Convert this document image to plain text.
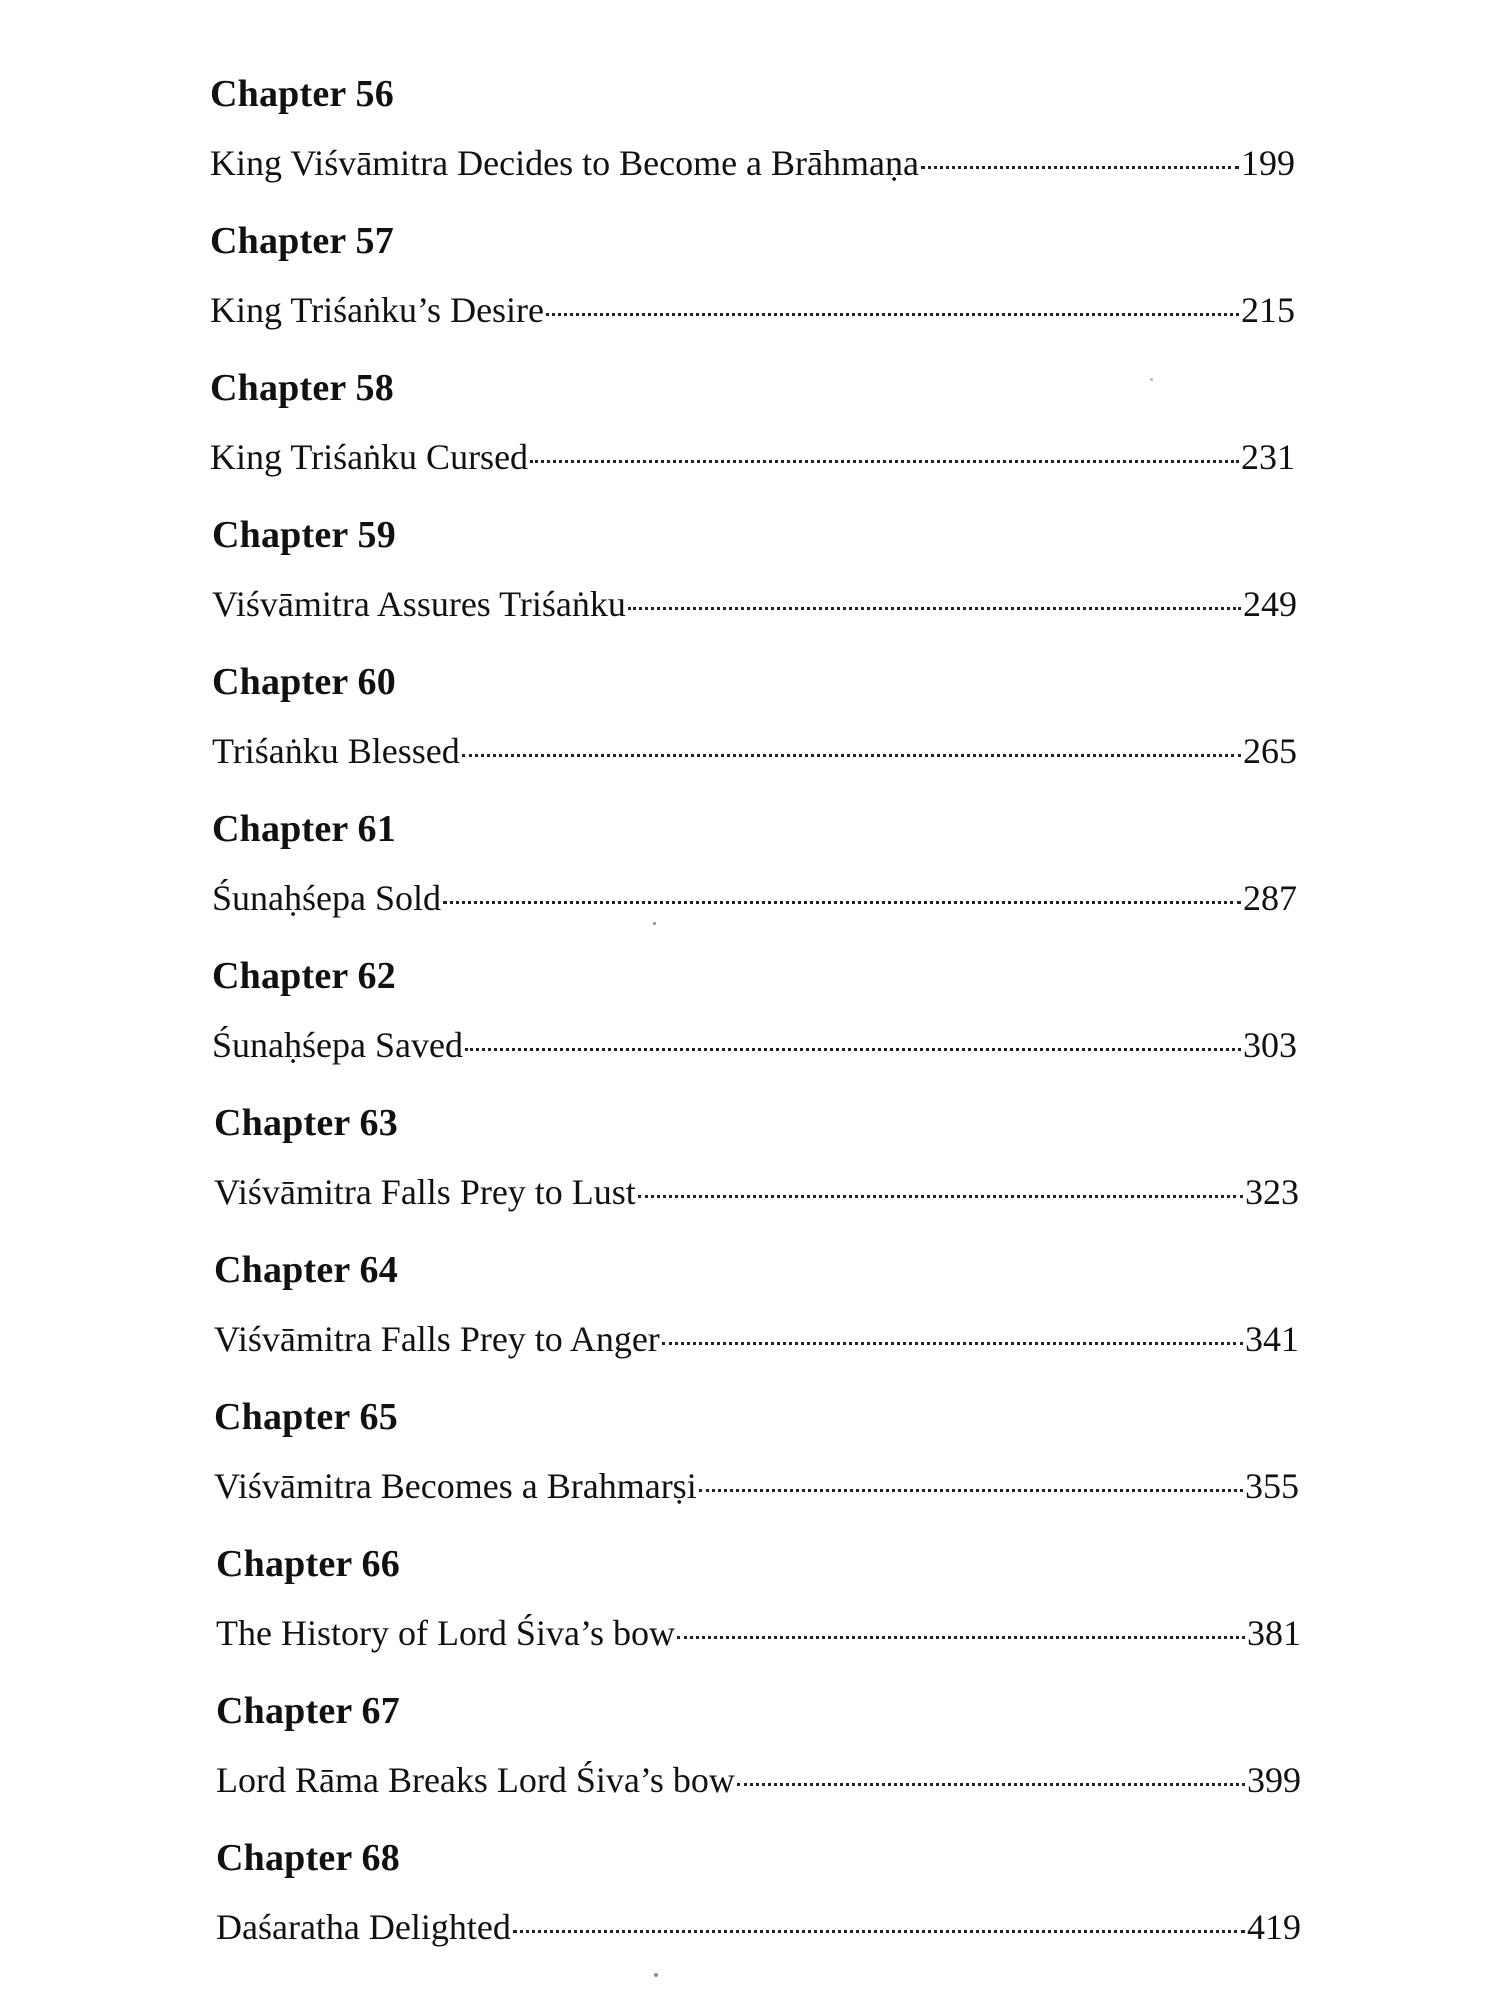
Chapter 56
King Viśvāmitra Decides to Become a Brāhmaṇa	199
Chapter 57
King Triśaṅku’s Desire	215
Chapter 58
King Triśaṅku Cursed	231
Chapter 59
Viśvāmitra Assures Triśaṅku	249
Chapter 60
Triśaṅku Blessed	265
Chapter 61
Śunaḥśepa Sold	287
Chapter 62
Śunaḥśepa Saved	303
Chapter 63
Viśvāmitra Falls Prey to Lust	323
Chapter 64
Viśvāmitra Falls Prey to Anger	341
Chapter 65
Viśvāmitra Becomes a Brahmarṣi	355
Chapter 66
The History of Lord Śiva’s bow	381
Chapter 67
Lord Rāma Breaks Lord Śiva’s bow	399
Chapter 68
Daśaratha Delighted	419
